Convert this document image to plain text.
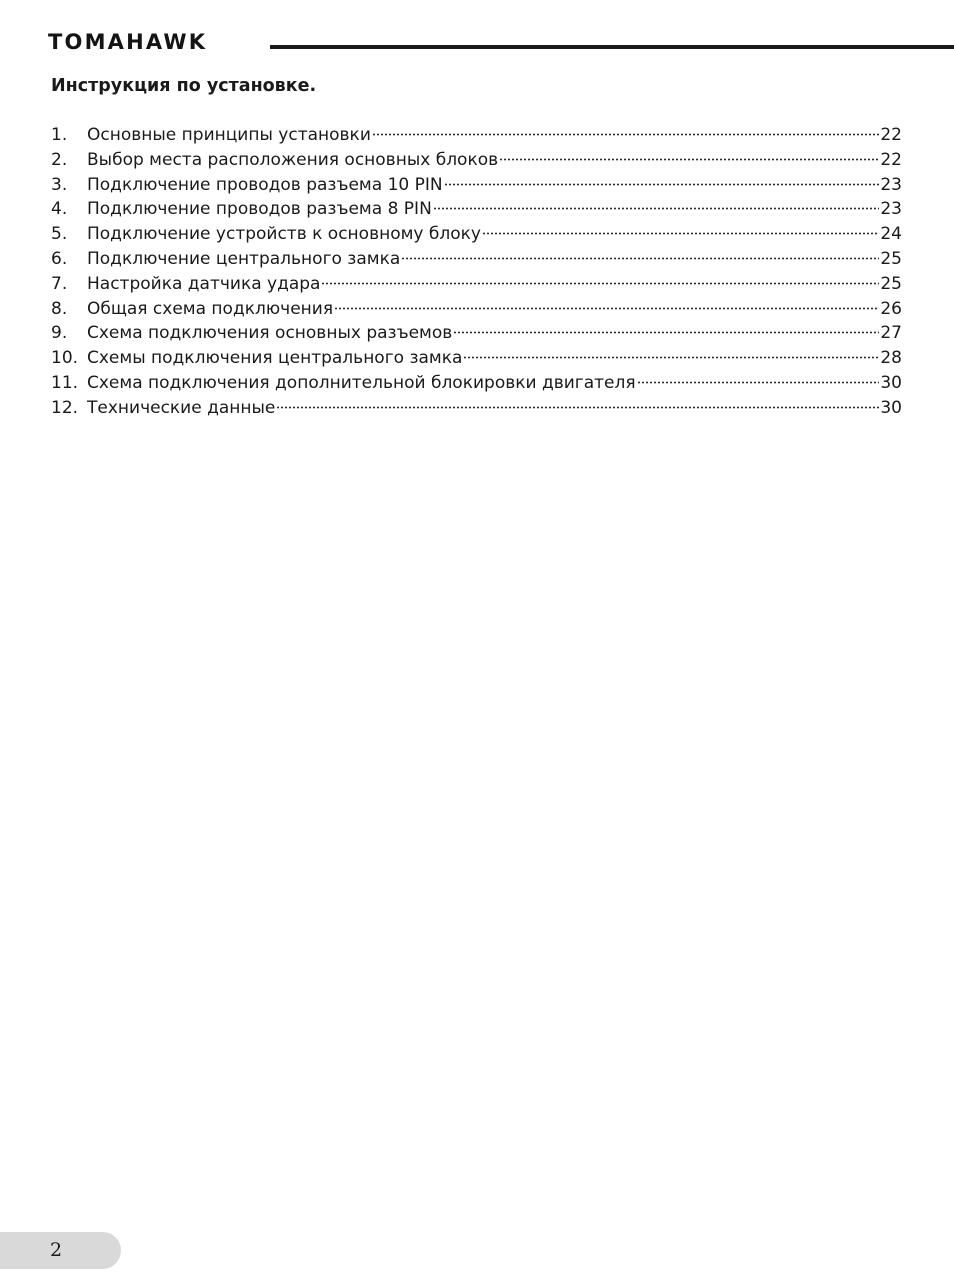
TOMAHAWK
Инструкция по установке.
1.	Основные принципы установки	22
2.	Выбор места расположения основных блоков	22
3.	Подключение проводов разъема 10 PIN	23
4.	Подключение проводов разъема 8 PIN	23
5.	Подключение устройств к основному блоку	24
6.	Подключение центрального замка	25
7.	Настройка датчика удара	25
8.	Общая схема подключения	26
9.	Схема подключения основных разъемов	27
10. Схемы подключения центрального замка	28
11. Схема подключения дополнительной блокировки двигателя	30
12. Технические данные	30
2
